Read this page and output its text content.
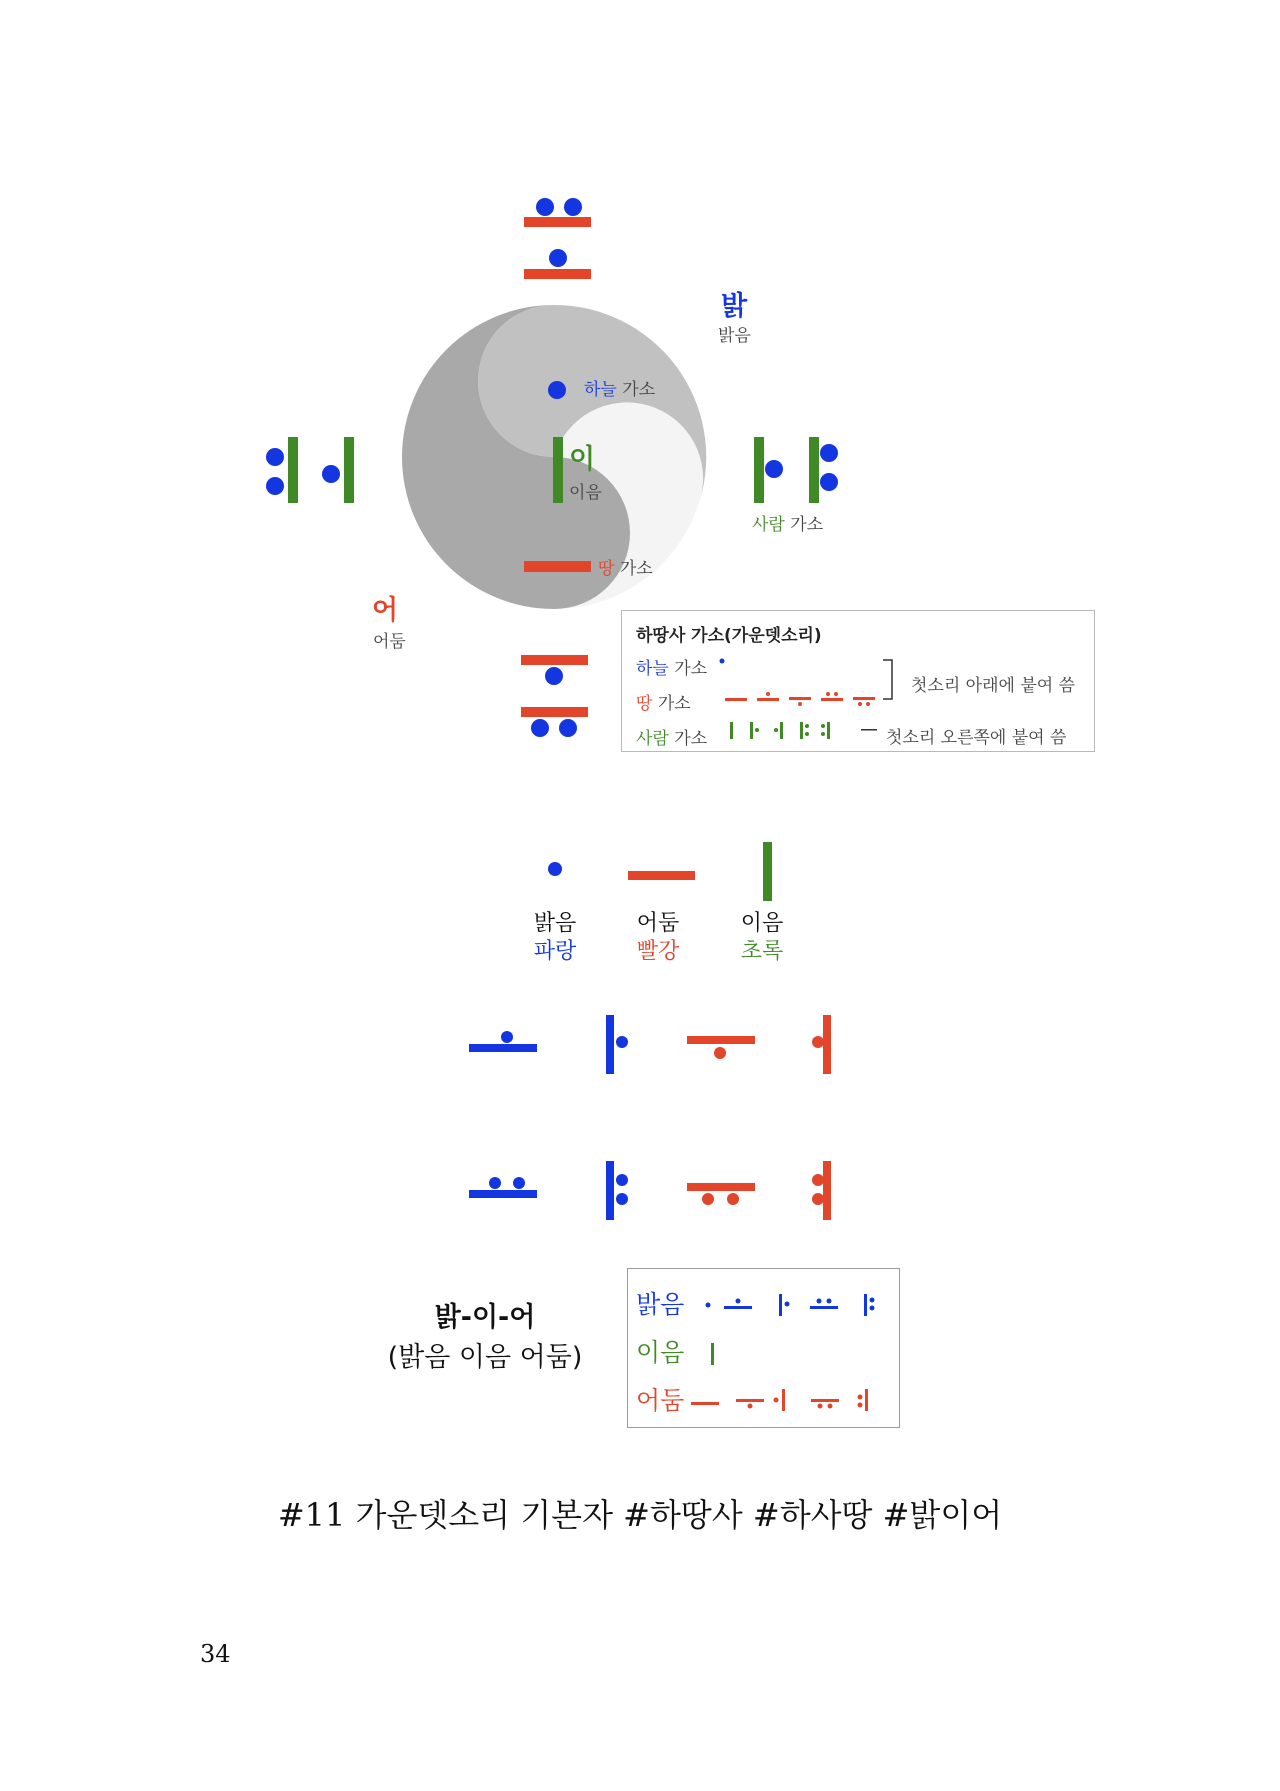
밝
밝음
하늘 가소
이
이음
땅 가소
사람 가소
어
어둠	하땅사 가소(가운뎃소리)
하늘 가소
땅 가소
사람 가소
첫소리 아래에 붙여 씀
첫소리 오른쪽에 붙여 씀
밝음
파랑
어둠
빨강
이음
초록
밝-이-어
(밝음 이음 어둠)
밝음
이음
어둠
#11 가운뎃소리 기본자 #하땅사 #하사땅 #밝이어
34
